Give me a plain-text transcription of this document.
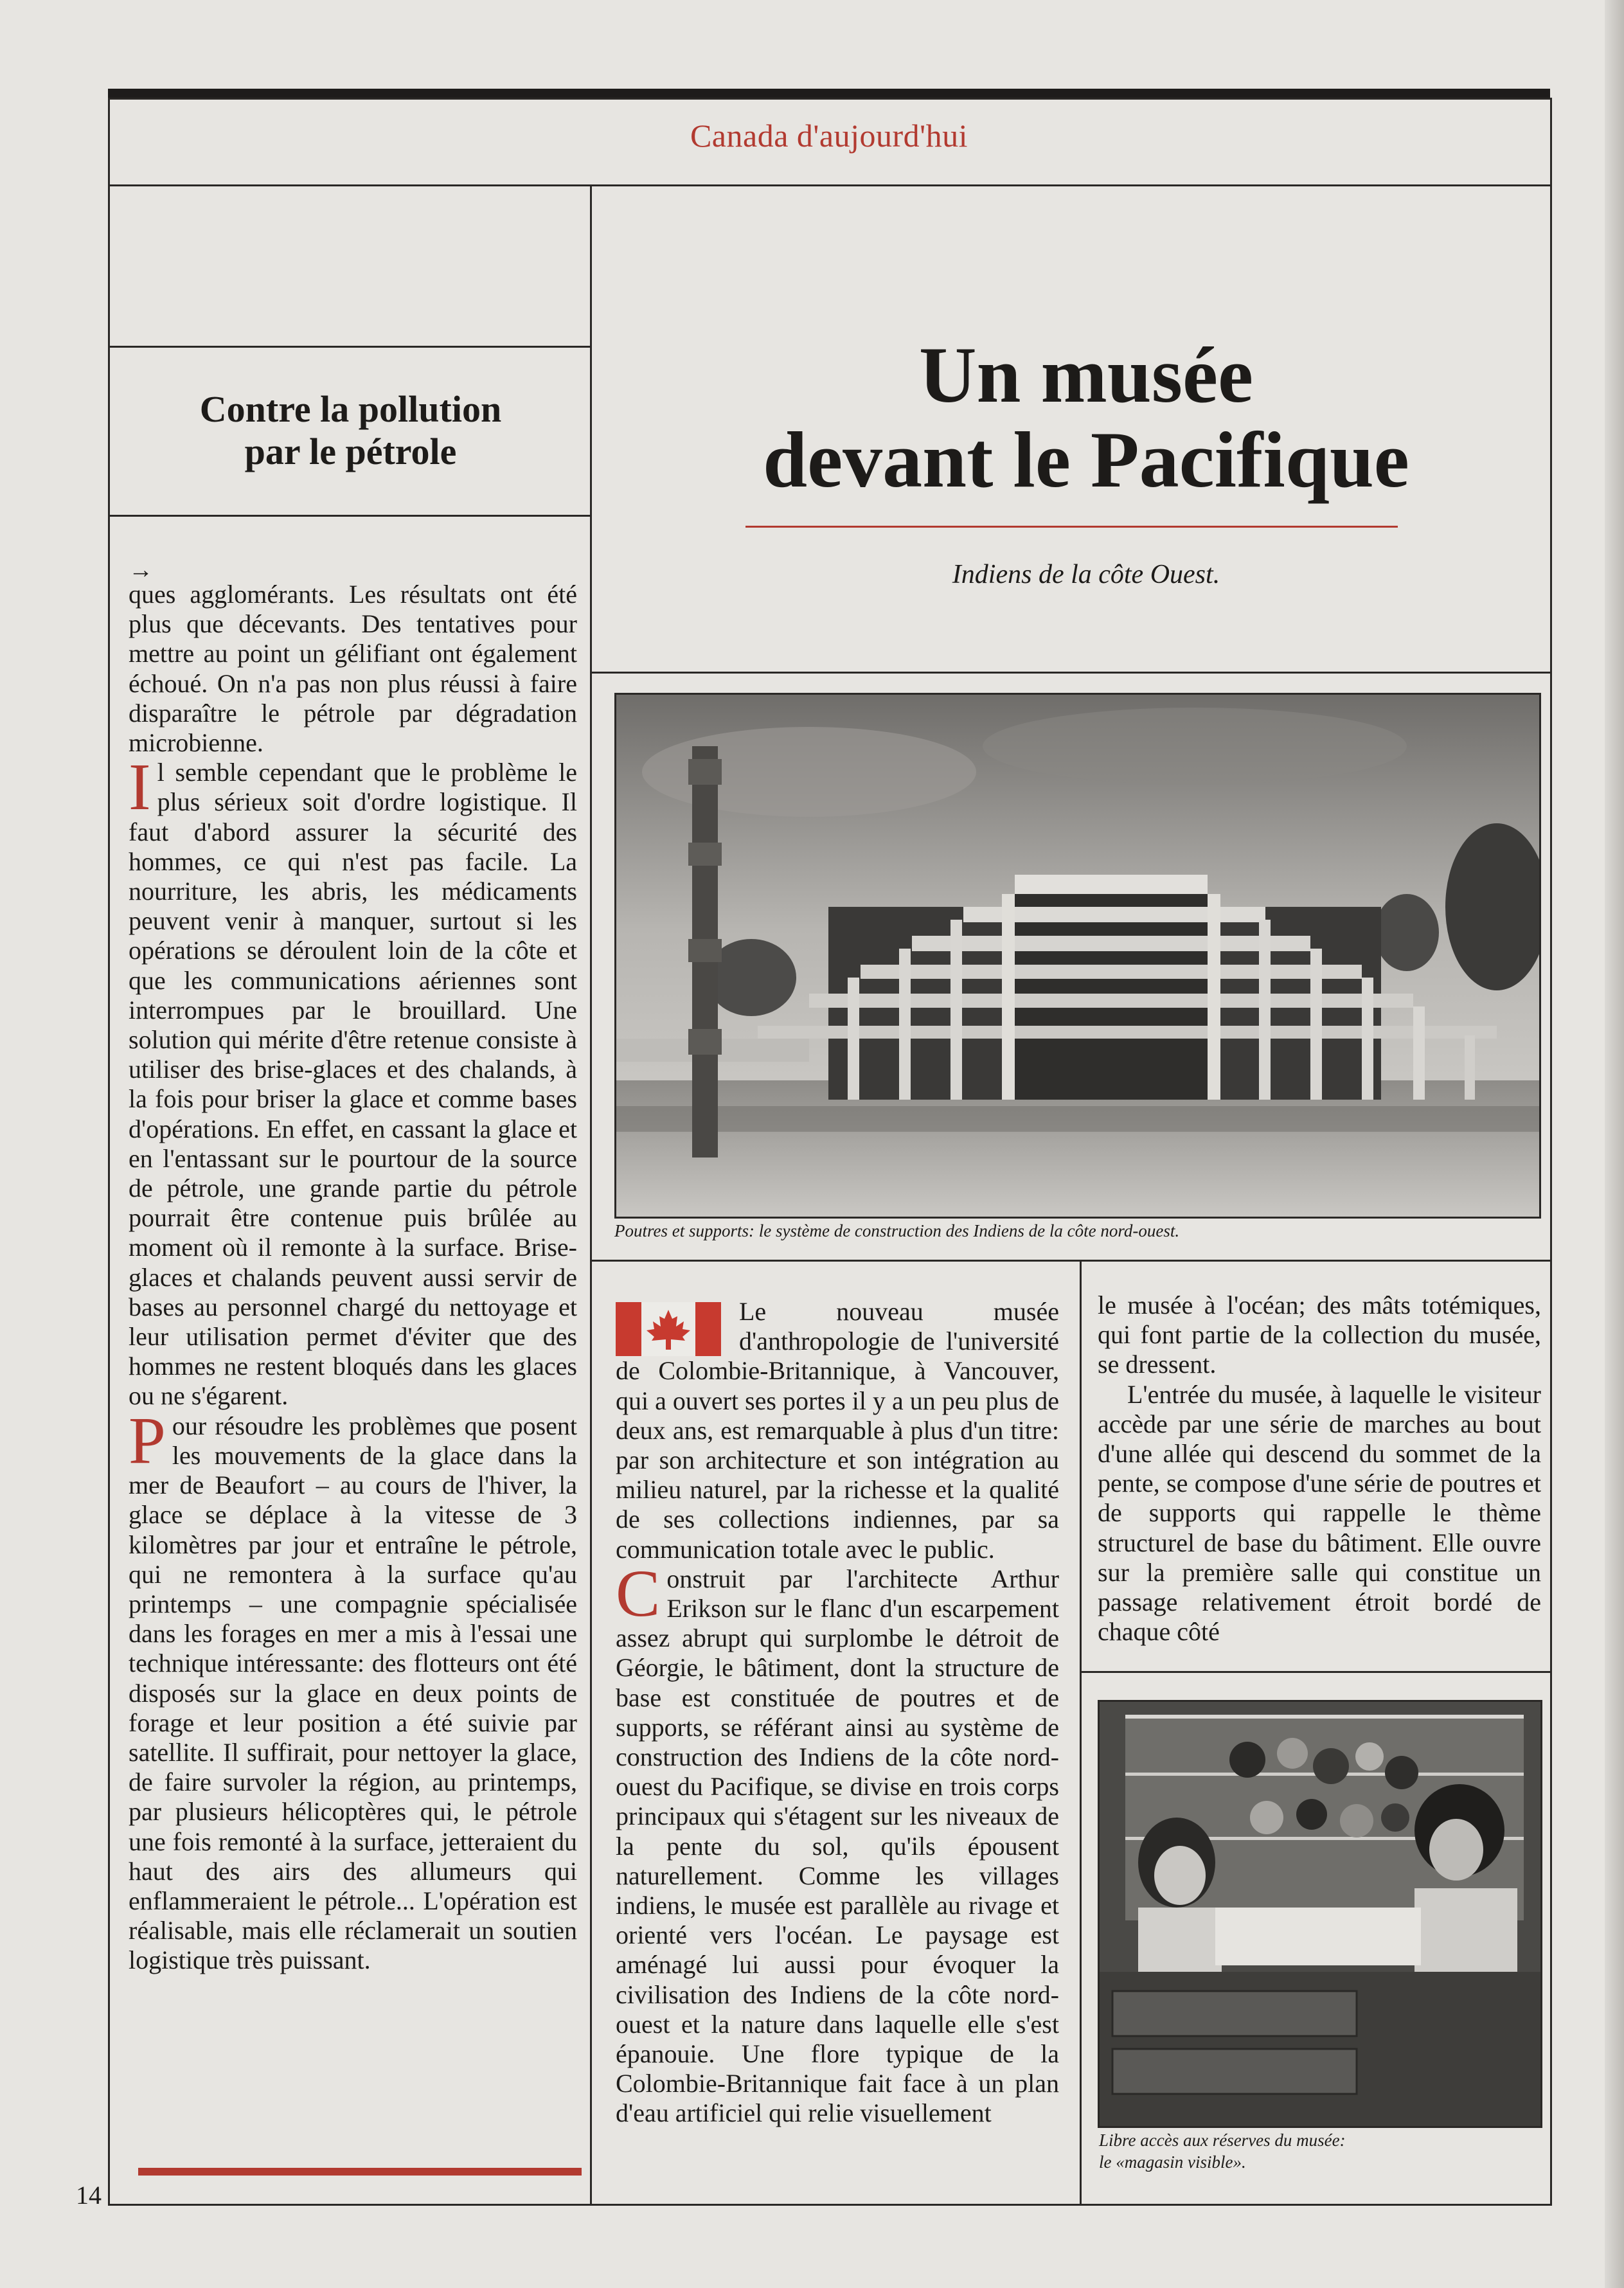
Canada d'aujourd'hui
Contre la pollution
par le pétrole
→

ques agglomérants. Les résultats ont été plus que décevants. Des tentatives pour mettre au point un gélifiant ont également échoué. On n'a pas non plus réussi à faire disparaître le pétrole par dégradation microbienne.

Il semble cependant que le problème le plus sérieux soit d'ordre logistique. Il faut d'abord assurer la sécurité des hommes, ce qui n'est pas facile. La nourriture, les abris, les médicaments peuvent venir à manquer, surtout si les opérations se déroulent loin de la côte et que les communications aériennes sont interrompues par le brouillard. Une solution qui mérite d'être retenue consiste à utiliser des brise-glaces et des chalands, à la fois pour briser la glace et comme bases d'opérations. En effet, en cassant la glace et en l'entassant sur le pourtour de la source de pétrole, une grande partie du pétrole pourrait être contenue puis brûlée au moment où il remonte à la surface. Brise-glaces et chalands peuvent aussi servir de bases au personnel chargé du nettoyage et leur utilisation permet d'éviter que des hommes ne restent bloqués dans les glaces ou ne s'égarent.

Pour résoudre les problèmes que posent les mouvements de la glace dans la mer de Beaufort – au cours de l'hiver, la glace se déplace à la vitesse de 3 kilomètres par jour et entraîne le pétrole, qui ne remontera à la surface qu'au printemps – une compagnie spécialisée dans les forages en mer a mis à l'essai une technique intéressante: des flotteurs ont été disposés sur la glace en deux points de forage et leur position a été suivie par satellite. Il suffirait, pour nettoyer la glace, de faire survoler la région, au printemps, par plusieurs hélicoptères qui, le pétrole une fois remonté à la surface, jetteraient du haut des airs des allumeurs qui enflammeraient le pétrole... L'opération est réalisable, mais elle réclamerait un soutien logistique très puissant.

Un musée
devant le Pacifique
Indiens de la côte Ouest.
Poutres et supports: le système de construction des Indiens de la côte nord-ouest.

Le nouveau musée d'anthropologie de l'université de Colombie-Britannique, à Vancouver, qui a ouvert ses portes il y a un peu plus de deux ans, est remarquable à plus d'un titre: par son architecture et son intégration au milieu naturel, par la richesse et la qualité de ses collections indiennes, par sa communication totale avec le public.

Construit par l'architecte Arthur Erikson sur le flanc d'un escarpement assez abrupt qui surplombe le détroit de Géorgie, le bâtiment, dont la structure de base est constituée de poutres et de supports, se référant ainsi au système de construction des Indiens de la côte nord-ouest du Pacifique, se divise en trois corps principaux qui s'étagent sur les niveaux de la pente du sol, qu'ils épousent naturellement. Comme les villages indiens, le musée est parallèle au rivage et orienté vers l'océan. Le paysage est aménagé lui aussi pour évoquer la civilisation des Indiens de la côte nord-ouest et la nature dans laquelle elle s'est épanouie. Une flore typique de la Colombie-Britannique fait face à un plan d'eau artificiel qui relie visuellement

le musée à l'océan; des mâts totémiques, qui font partie de la collection du musée, se dressent.

L'entrée du musée, à laquelle le visiteur accède par une série de marches au bout d'une allée qui descend du sommet de la pente, se compose d'une série de poutres et de supports qui rappelle le thème structurel de base du bâtiment. Elle ouvre sur la première salle qui constitue un passage relativement étroit bordé de chaque côté

Libre accès aux réserves du musée:
le «magasin visible».
14
